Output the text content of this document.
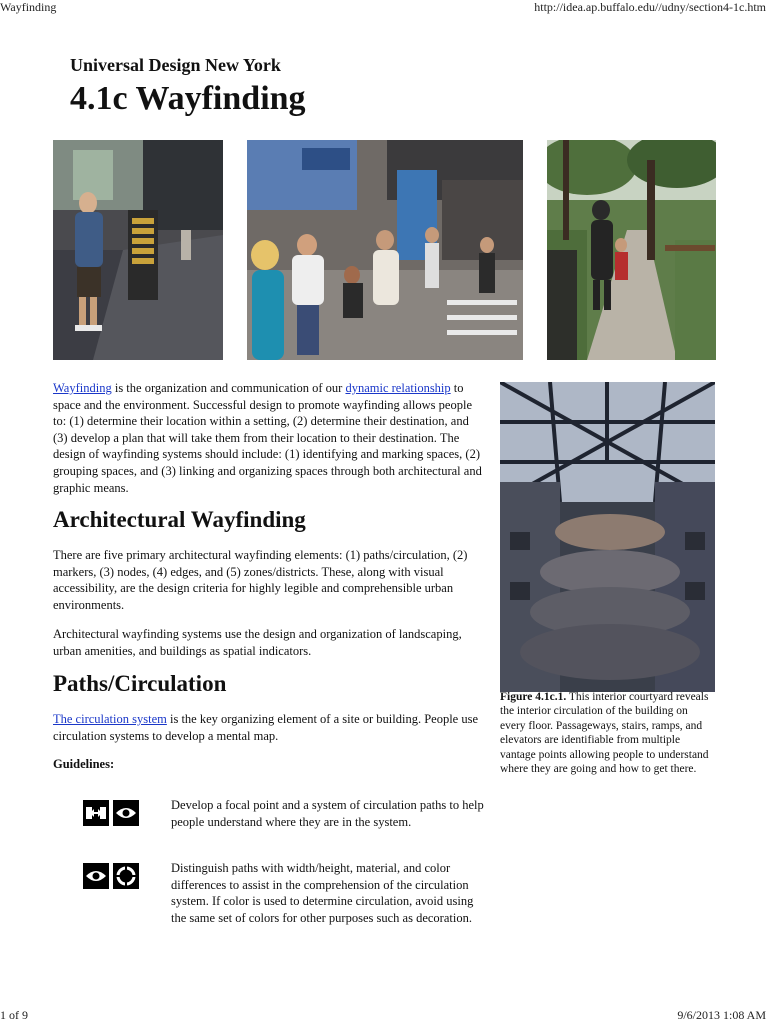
Wayfinding	http://idea.ap.buffalo.edu//udny/section4-1c.htm
1 of 9	9/6/2013 1:08 AM
Universal Design New York
4.1c Wayfinding

Wayfinding is the organization and communication of our dynamic relationship to space and the environment. Successful design to promote wayfinding allows people to: (1) determine their location within a setting, (2) determine their destination, and (3) develop a plan that will take them from their location to their destination. The design of wayfinding systems should include: (1) identifying and marking spaces, (2) grouping spaces, and (3) linking and organizing spaces through both architectural and graphic means.

Figure 4.1c.1. This interior courtyard reveals the interior circulation of the building on every floor. Passageways, stairs, ramps, and elevators are identifiable from multiple vantage points allowing people to understand where they are going and how to get there.
Architectural Wayfinding

There are five primary architectural wayfinding elements: (1) paths/circulation, (2) markers, (3) nodes, (4) edges, and (5) zones/districts. These, along with visual accessibility, are the design criteria for highly legible and comprehensible urban environments.

Architectural wayfinding systems use the design and organization of landscaping, urban amenities, and buildings as spatial indicators.

Paths/Circulation

The circulation system is the key organizing element of a site or building. People use circulation systems to develop a mental map.

Guidelines:
Develop a focal point and a system of circulation paths to help people understand where they are in the system.
Distinguish paths with width/height, material, and color differences to assist in the comprehension of the circulation system. If color is used to determine circulation, avoid using the same set of colors for other purposes such as decoration.
